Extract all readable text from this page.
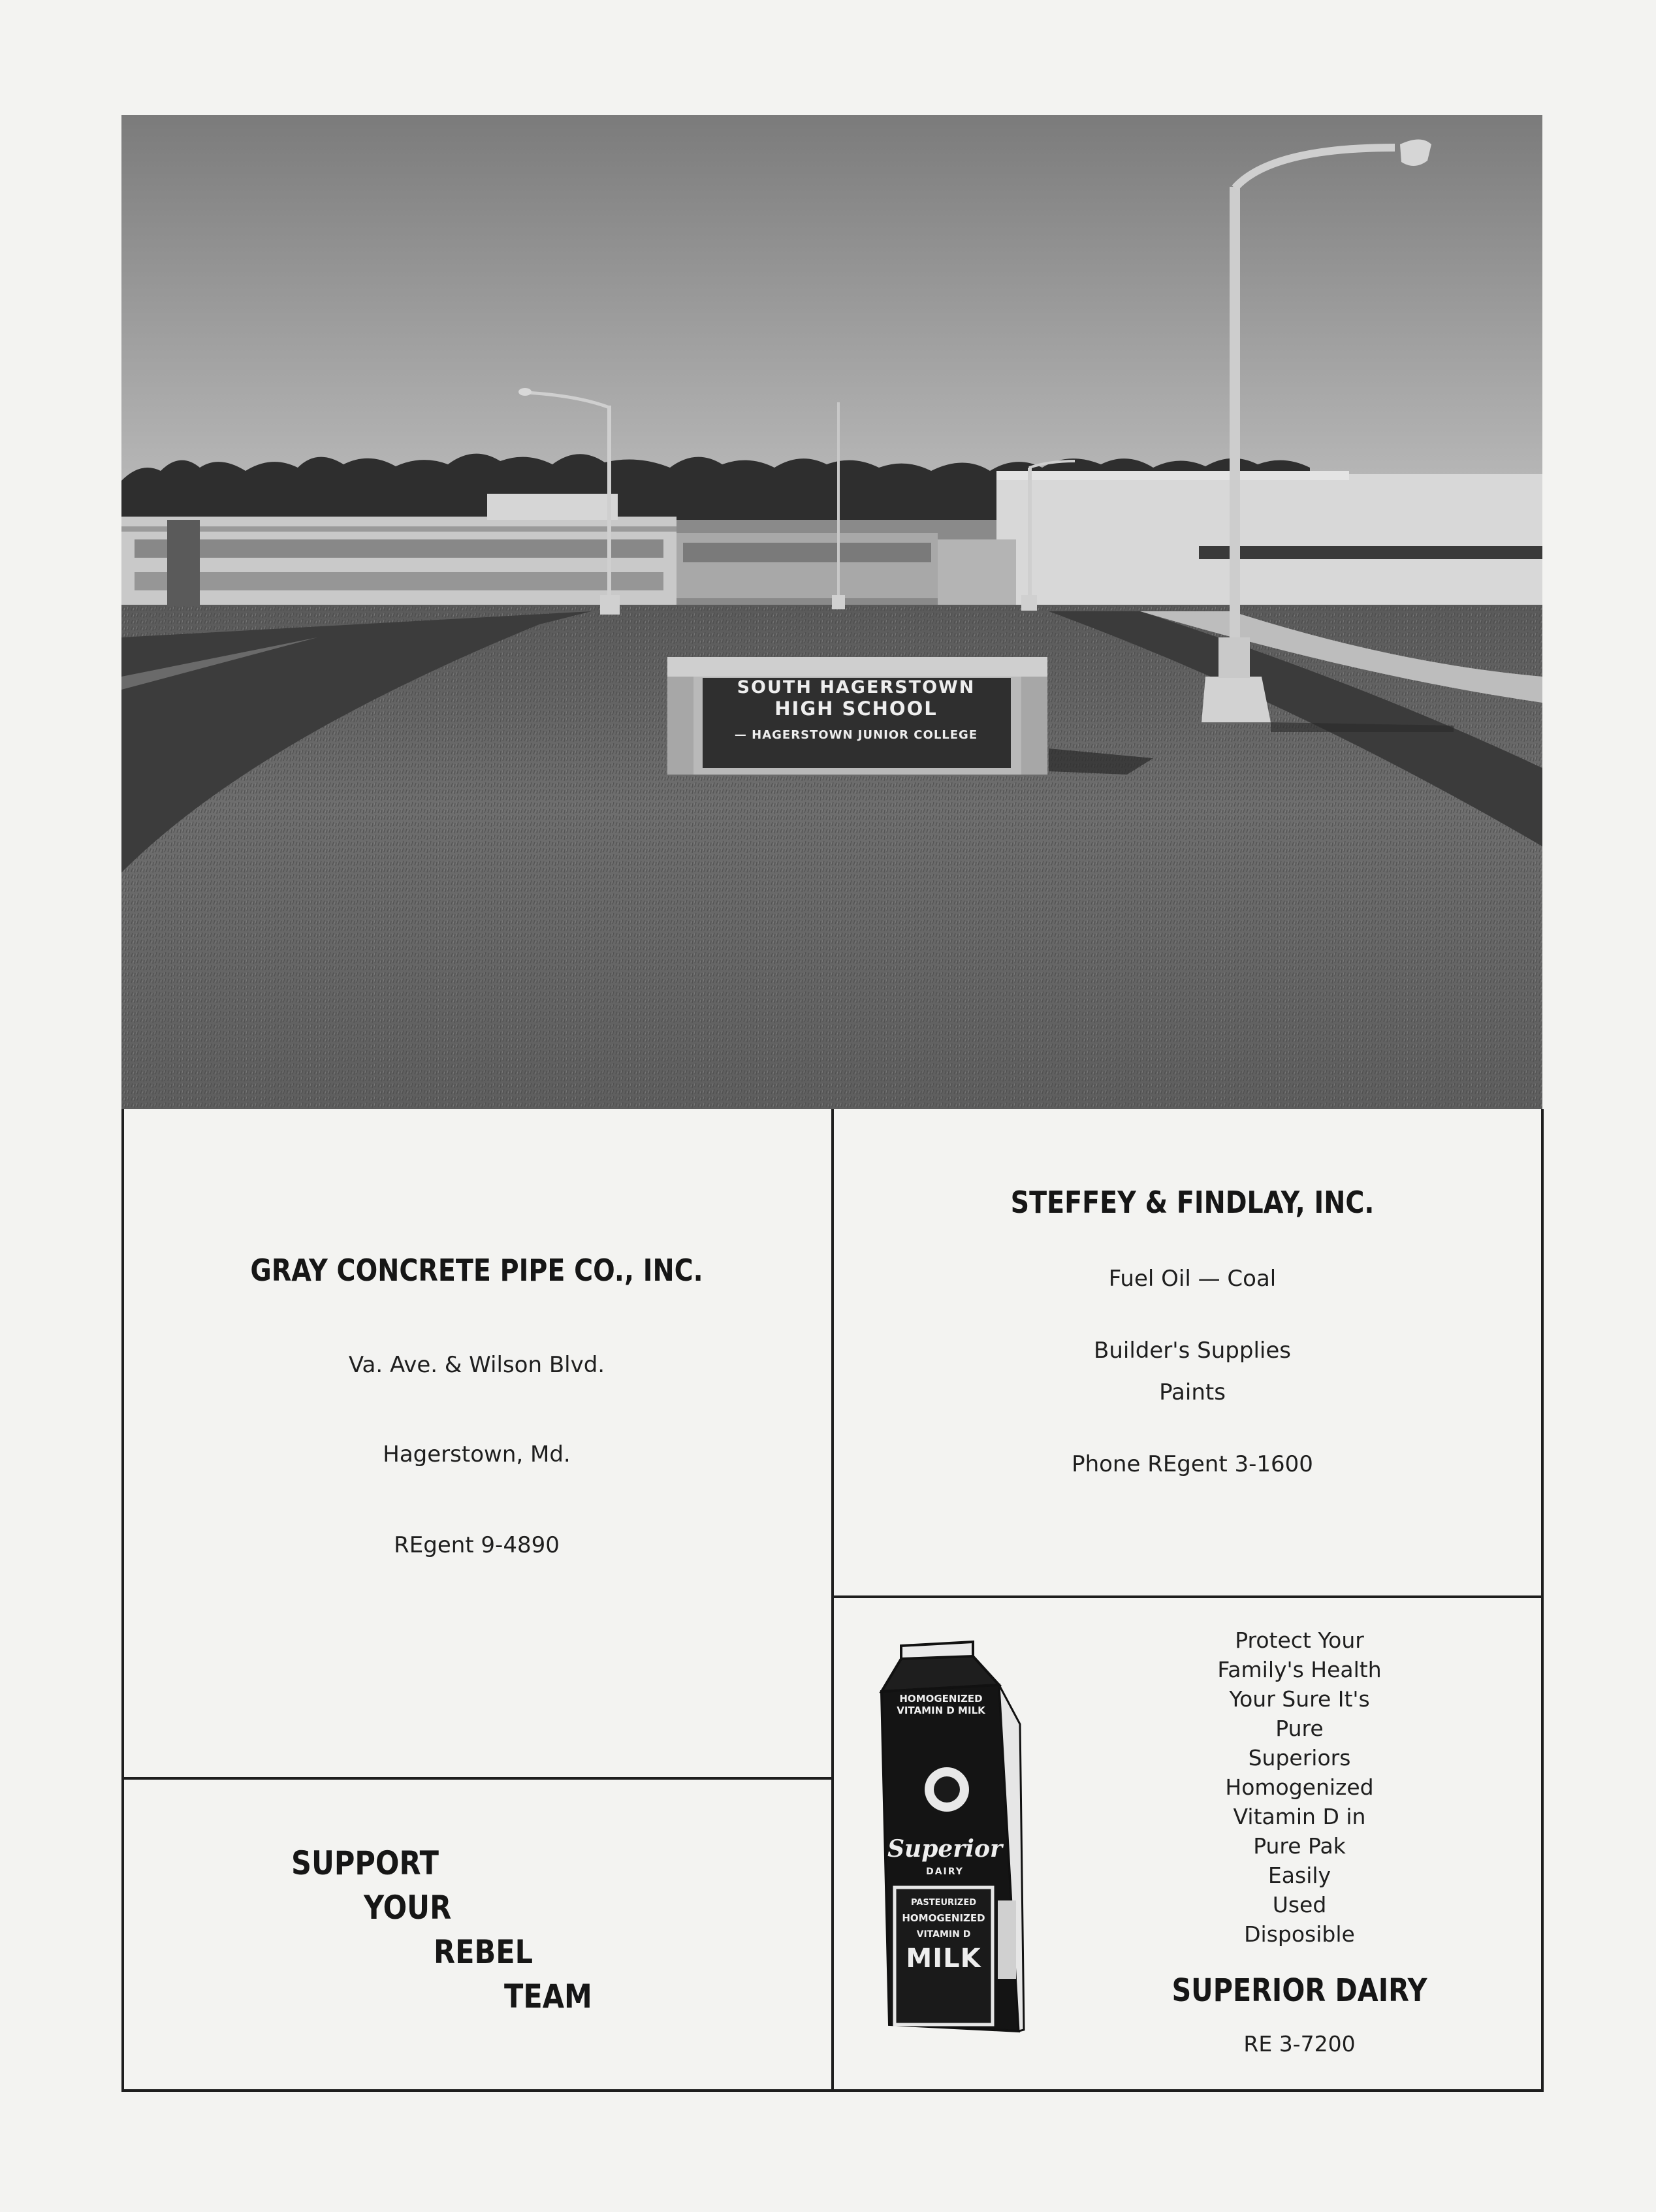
SOUTH HAGERSTOWN
HIGH SCHOOL
— HAGERSTOWN JUNIOR COLLEGE
GRAY CONCRETE PIPE CO., INC.
Va. Ave. & Wilson Blvd.
Hagerstown, Md.
REgent 9-4890
STEFFEY & FINDLAY, INC.
Fuel Oil — Coal
Builder's Supplies
Paints
Phone REgent 3-1600
SUPPORT
YOUR
REBEL
TEAM
HOMOGENIZED VITAMIN D MILK
Superior
DAIRY
PASTEURIZED
HOMOGENIZED
VITAMIN D
MILK
Protect Your
Family's Health
Your Sure It's
Pure
Superiors
Homogenized
Vitamin D in
Pure Pak
Easily
Used
Disposible
SUPERIOR DAIRY
RE 3-7200
